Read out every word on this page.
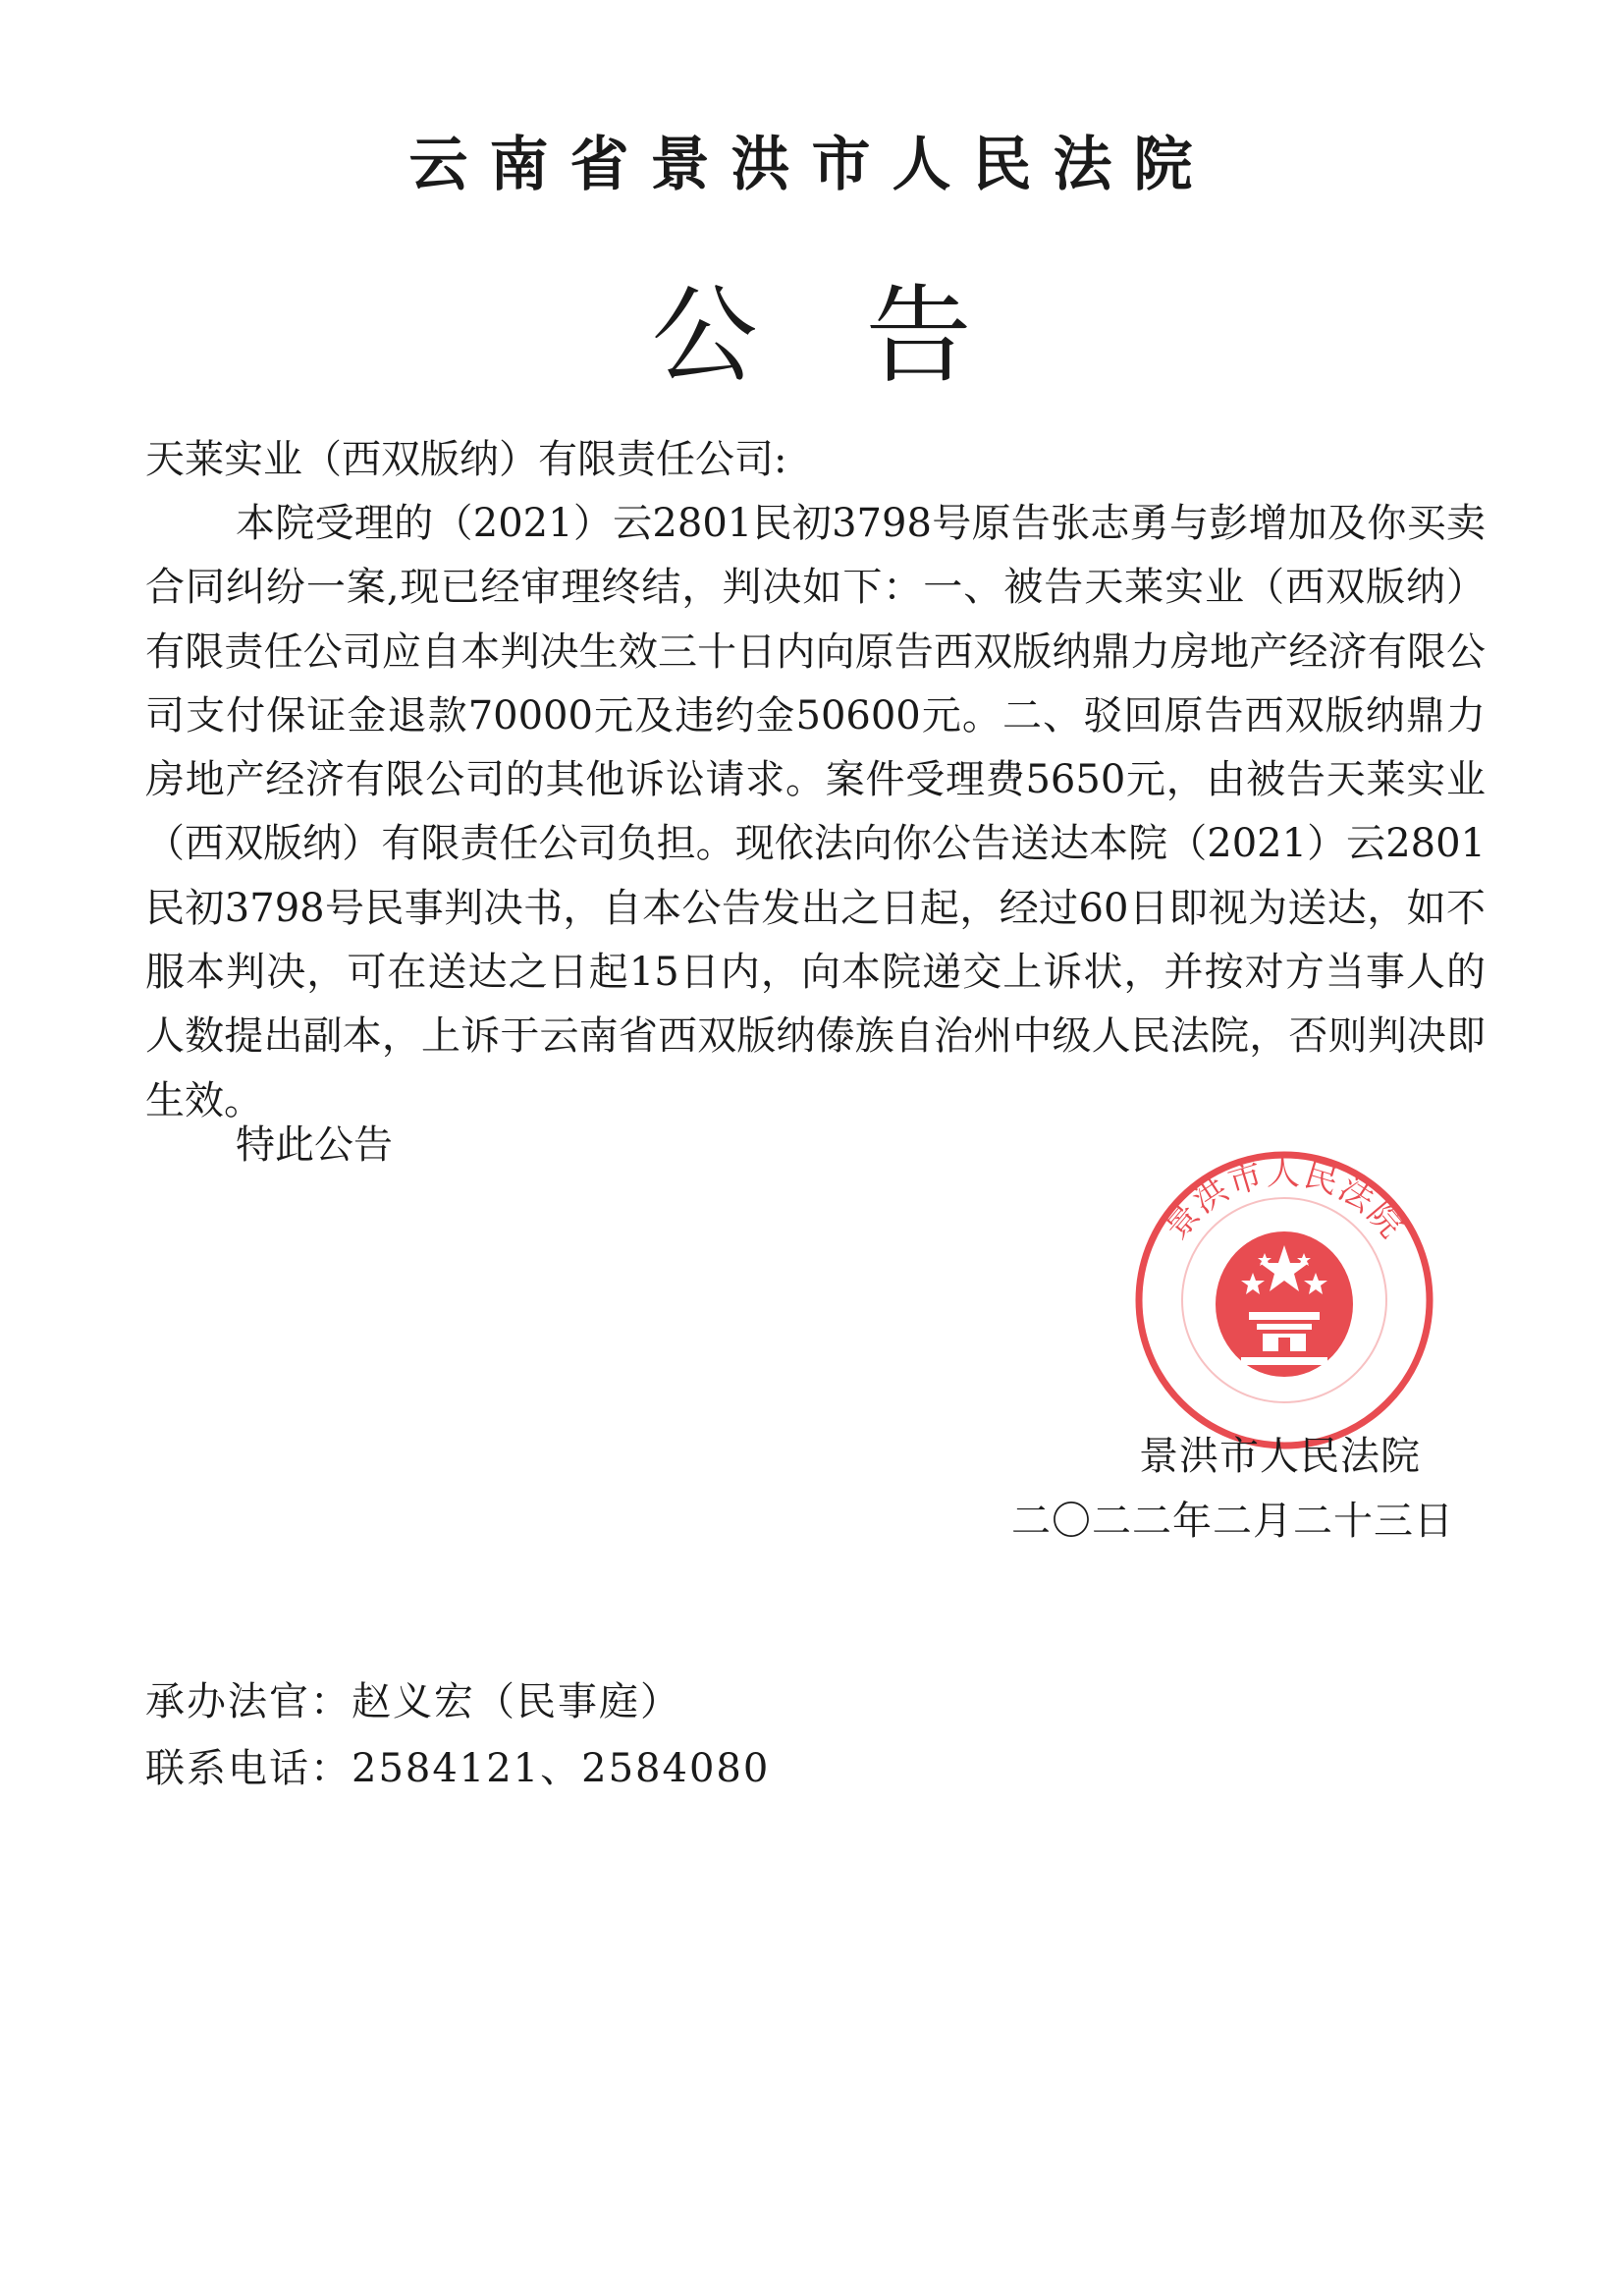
云南省景洪市人民法院
公告
天莱实业（西双版纳）有限责任公司:
本院受理的（2021）云2801民初3798号原告张志勇与彭增加及你买卖合同纠纷一案,现已经审理终结，判决如下：一、被告天莱实业（西双版纳）有限责任公司应自本判决生效三十日内向原告西双版纳鼎力房地产经济有限公司支付保证金退款70000元及违约金50600元。二、驳回原告西双版纳鼎力房地产经济有限公司的其他诉讼请求。案件受理费5650元，由被告天莱实业（西双版纳）有限责任公司负担。现依法向你公告送达本院（2021）云2801民初3798号民事判决书，自本公告发出之日起，经过60日即视为送达，如不服本判决，可在送达之日起15日内，向本院递交上诉状，并按对方当事人的人数提出副本，上诉于云南省西双版纳傣族自治州中级人民法院，否则判决即生效。
特此公告
景洪市人民法院
景洪市人民法院
二〇二二年二月二十三日
承办法官：赵义宏（民事庭）
联系电话：2584121、2584080
